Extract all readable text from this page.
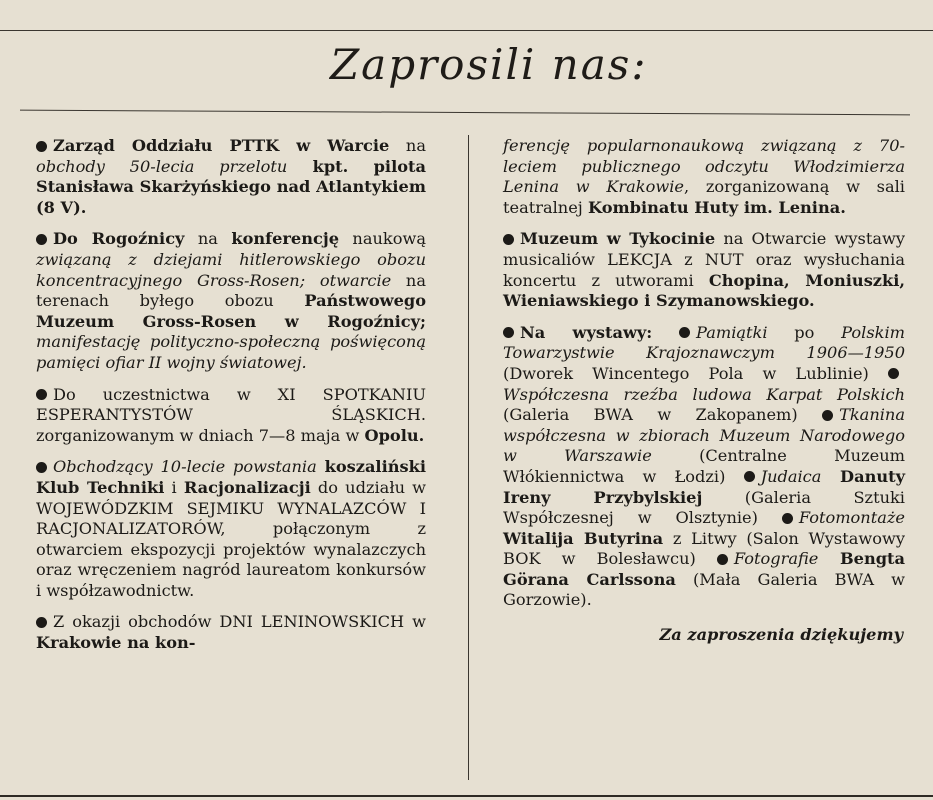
Zaprosili nas:

Zarząd Oddziału PTTK w Warcie na obchody 50-lecia przelotu kpt. pilota Stanisława Skarżyńskiego nad Atlantykiem (8 V).

Do Rogoźnicy na konferencję naukową związaną z dziejami hitlerowskiego obozu koncentracyjnego Gross-Rosen; otwarcie na terenach byłego obozu Państwowego Muzeum Gross-Rosen w Rogoźnicy; manifestację polityczno-społeczną poświęconą pamięci ofiar II wojny światowej.

Do uczestnictwa w XI SPOTKANIU ESPERANTYSTÓW ŚLĄSKICH. zorganizowanym w dniach 7—8 maja w Opolu.

Obchodzący 10-lecie powstania koszaliński Klub Techniki i Racjonalizacji do udziału w WOJEWÓDZKIM SEJMIKU WYNALAZCÓW I RACJONALIZATORÓW, połączonym z otwarciem ekspozycji projektów wynalazczych oraz wręczeniem nagród laureatom konkursów i współzawodnictw.

Z okazji obchodów DNI LENINOWSKICH w Krakowie na kon-

ferencję popularnonaukową związaną z 70-leciem publicznego odczytu Włodzimierza Lenina w Krakowie, zorganizowaną w sali teatralnej Kombinatu Huty im. Lenina.

Muzeum w Tykocinie na Otwarcie wystawy musicaliów LEKCJA z NUT oraz wysłuchania koncertu z utworami Chopina, Moniuszki, Wieniawskiego i Szymanowskiego.

Na wystawy:	Pamiątki po Polskim Towarzystwie Krajoznawczym 1906—1950 (Dworek Wincentego Pola w Lublinie) Współczesna rzeźba ludowa Karpat Polskich (Galeria BWA w Zakopanem) Tkanina współczesna w zbiorach Muzeum Narodowego w Warszawie (Centralne Muzeum Włókiennictwa w Łodzi) Judaica Danuty Ireny Przybylskiej (Galeria Sztuki Współczesnej w Olsztynie) Fotomontaże Witalija Butyrina z Litwy (Salon Wystawowy BOK w Bolesławcu) Fotografie Bengta Görana Carlssona (Mała Galeria BWA w Gorzowie).

Za zaproszenia dziękujemy
